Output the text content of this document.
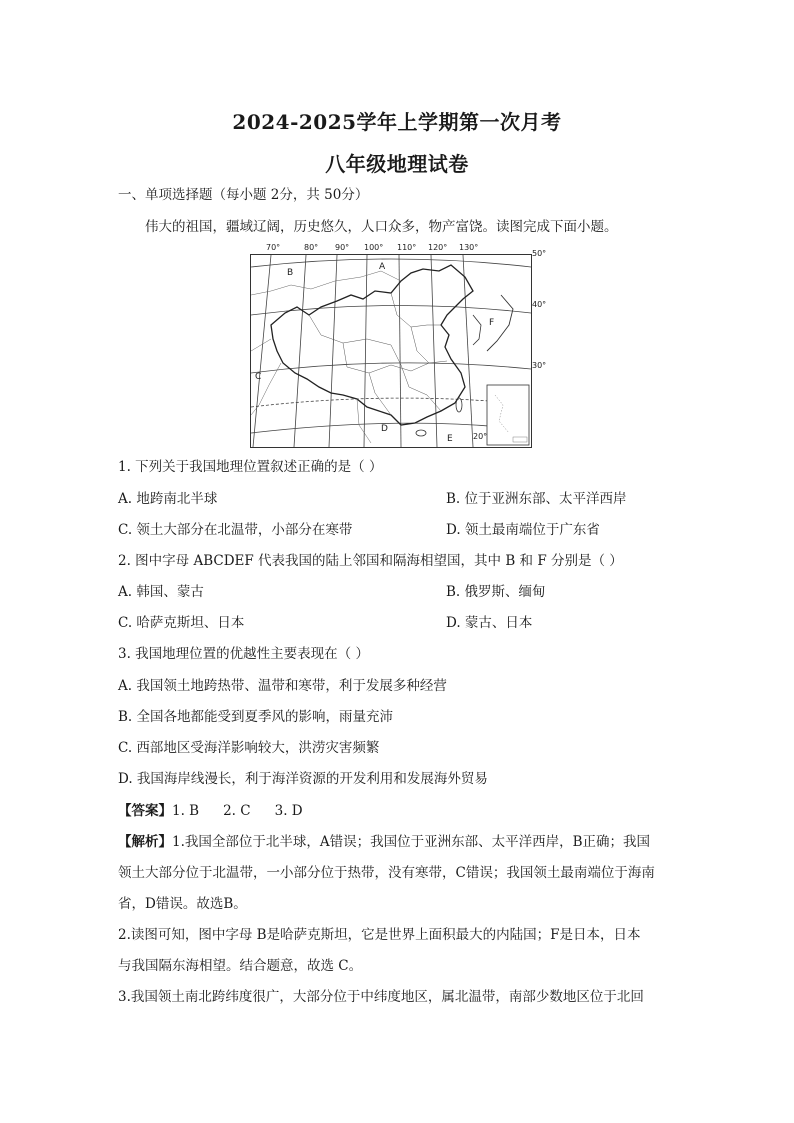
2024-2025学年上学期第一次月考
八年级地理试卷
一、单项选择题（每小题 2分，共 50分）
伟大的祖国，疆域辽阔，历史悠久，人口众多，物产富饶。读图完成下面小题。
70°	80° 90° 100° 110° 120° 130°
50°
40°
30°
A
B
C
D
E
F
20°
1. 下列关于我国地理位置叙述正确的是（ ）
A. 地跨南北半球	B. 位于亚洲东部、太平洋西岸
C. 领土大部分在北温带，小部分在寒带	D. 领土最南端位于广东省
2. 图中字母 ABCDEF 代表我国的陆上邻国和隔海相望国，其中 B 和 F 分别是（ ）
A. 韩国、蒙古	B. 俄罗斯、缅甸
C. 哈萨克斯坦、日本	D. 蒙古、日本
3. 我国地理位置的优越性主要表现在（ ）
A. 我国领土地跨热带、温带和寒带，利于发展多种经营
B. 全国各地都能受到夏季风的影响，雨量充沛
C. 西部地区受海洋影响较大，洪涝灾害频繁
D. 我国海岸线漫长，利于海洋资源的开发利用和发展海外贸易
【答案】1. B 2. C 3. D
【解析】1.我国全部位于北半球，A错误；我国位于亚洲东部、太平洋西岸，B正确；我国
领土大部分位于北温带，一小部分位于热带，没有寒带，C错误；我国领土最南端位于海南
省，D错误。故选B。
2.读图可知，图中字母 B是哈萨克斯坦，它是世界上面积最大的内陆国；F是日本，日本
与我国隔东海相望。结合题意，故选 C。
3.我国领土南北跨纬度很广，大部分位于中纬度地区，属北温带，南部少数地区位于北回
